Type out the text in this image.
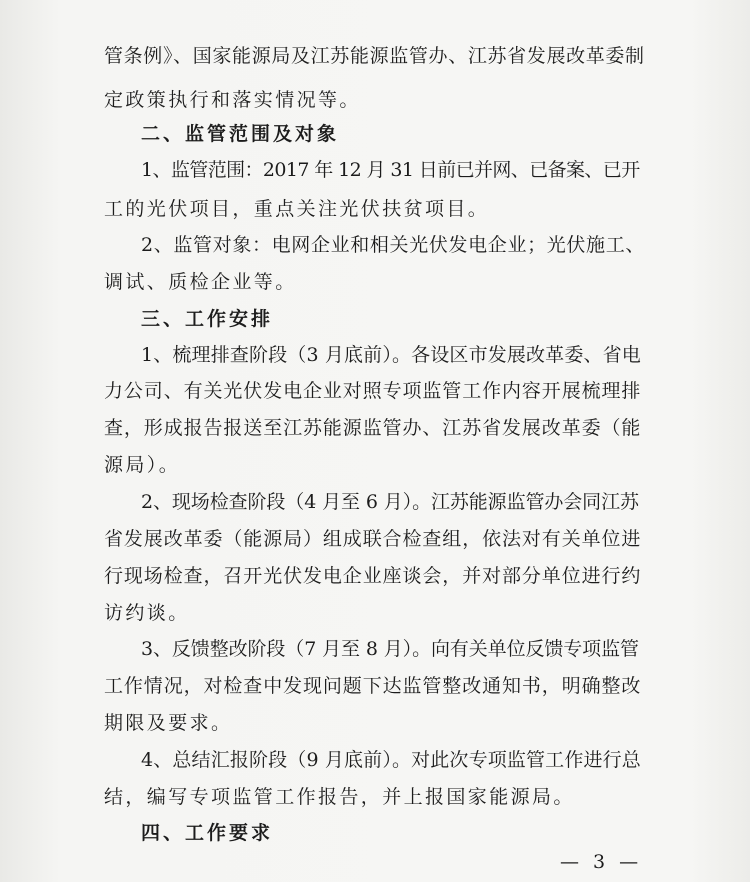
管条例》、国家能源局及江苏能源监管办、江苏省发展改革委制
定政策执行和落实情况等。
二、监管范围及对象
1、监管范围：2017 年 12 月 31 日前已并网、已备案、已开
工的光伏项目，重点关注光伏扶贫项目。
2、监管对象：电网企业和相关光伏发电企业；光伏施工、
调试、质检企业等。
三、工作安排
1、梳理排查阶段（3 月底前）。各设区市发展改革委、省电
力公司、有关光伏发电企业对照专项监管工作内容开展梳理排
查，形成报告报送至江苏能源监管办、江苏省发展改革委（能
源局）。
2、现场检查阶段（4 月至 6 月）。江苏能源监管办会同江苏
省发展改革委（能源局）组成联合检查组，依法对有关单位进
行现场检查，召开光伏发电企业座谈会，并对部分单位进行约
访约谈。
3、反馈整改阶段（7 月至 8 月）。向有关单位反馈专项监管
工作情况，对检查中发现问题下达监管整改通知书，明确整改
期限及要求。
4、总结汇报阶段（9 月底前）。对此次专项监管工作进行总
结，编写专项监管工作报告，并上报国家能源局。
四、工作要求
— 3 —
